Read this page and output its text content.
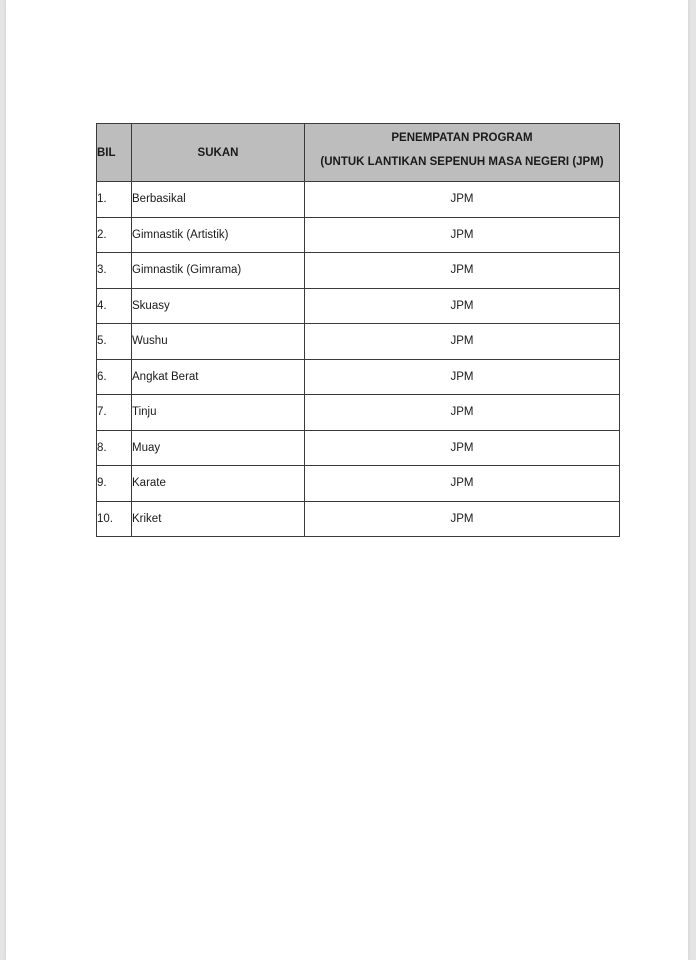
BIL	SUKAN	PENEMPATAN PROGRAM
(UNTUK LANTIKAN SEPENUH MASA NEGERI (JPM)

1.	Berbasikal	JPM
2.	Gimnastik (Artistik)	JPM
3.	Gimnastik (Gimrama)	JPM
4.	Skuasy	JPM
5.	Wushu	JPM
6.	Angkat Berat	JPM
7.	Tinju	JPM
8.	Muay	JPM
9.	Karate	JPM
10.	Kriket	JPM
